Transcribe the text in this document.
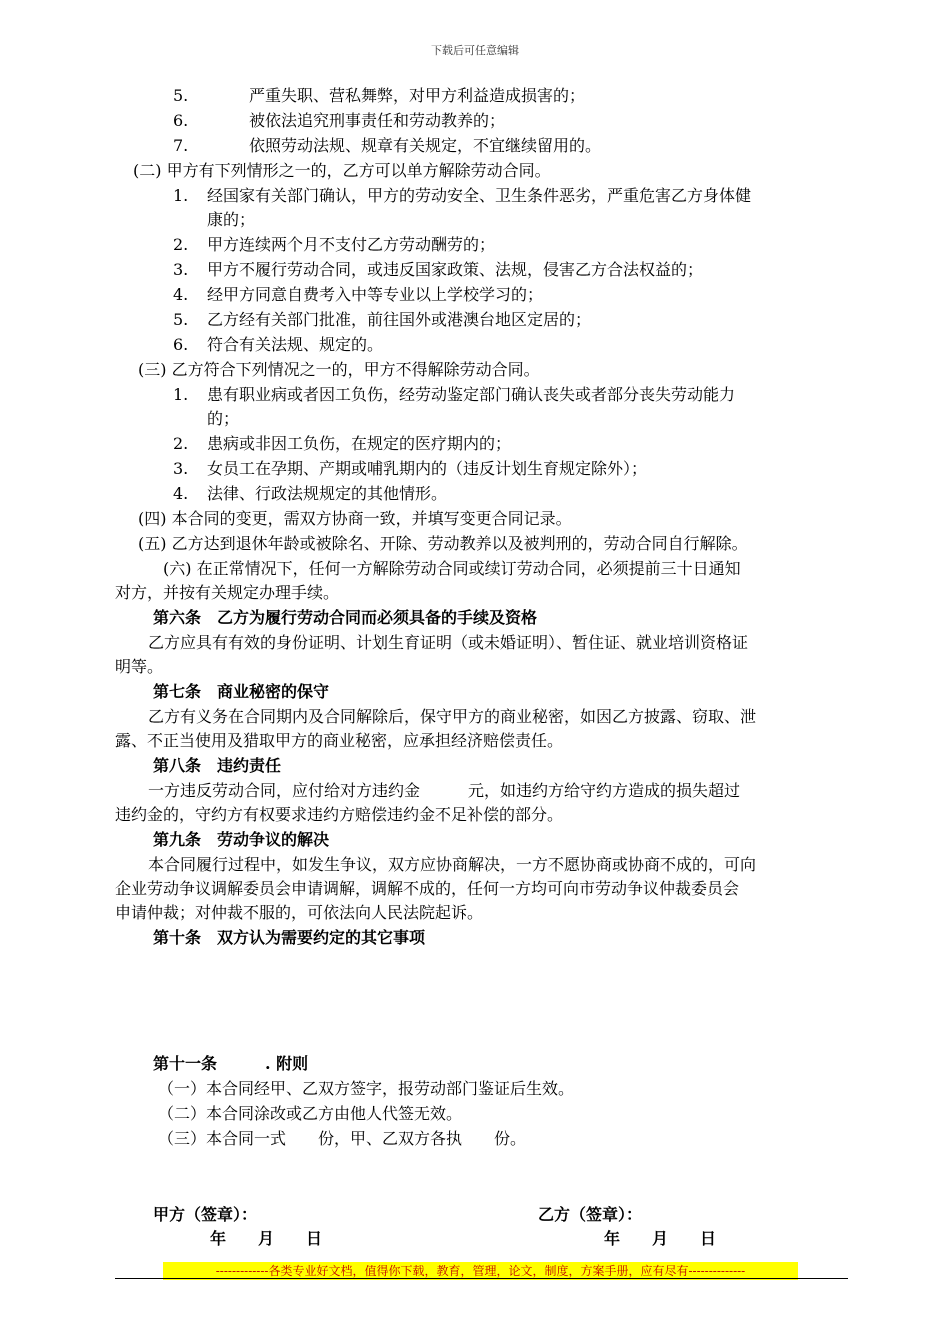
下载后可任意编辑
5.	严重失职、营私舞弊，对甲方利益造成损害的；
6.	被依法追究刑事责任和劳动教养的；
7.	依照劳动法规、规章有关规定，不宜继续留用的。
(二) 甲方有下列情形之一的，乙方可以单方解除劳动合同。
1. 经国家有关部门确认，甲方的劳动安全、卫生条件恶劣，严重危害乙方身体健
康的；
2. 甲方连续两个月不支付乙方劳动酬劳的；
3. 甲方不履行劳动合同，或违反国家政策、法规，侵害乙方合法权益的；
4. 经甲方同意自费考入中等专业以上学校学习的；
5. 乙方经有关部门批准，前往国外或港澳台地区定居的；
6. 符合有关法规、规定的。
(三) 乙方符合下列情况之一的，甲方不得解除劳动合同。
1. 患有职业病或者因工负伤，经劳动鉴定部门确认丧失或者部分丧失劳动能力
的；
2. 患病或非因工负伤，在规定的医疗期内的；
3. 女员工在孕期、产期或哺乳期内的（违反计划生育规定除外）；
4. 法律、行政法规规定的其他情形。
(四) 本合同的变更，需双方协商一致，并填写变更合同记录。
(五) 乙方达到退休年龄或被除名、开除、劳动教养以及被判刑的，劳动合同自行解除。
(六) 在正常情况下，任何一方解除劳动合同或续订劳动合同，必须提前三十日通知
对方，并按有关规定办理手续。
第六条　乙方为履行劳动合同而必须具备的手续及资格
乙方应具有有效的身份证明、计划生育证明（或未婚证明）、暂住证、就业培训资格证
明等。
第七条　商业秘密的保守
乙方有义务在合同期内及合同解除后，保守甲方的商业秘密，如因乙方披露、窃取、泄
露、不正当使用及猎取甲方的商业秘密，应承担经济赔偿责任。
第八条　违约责任
一方违反劳动合同，应付给对方违约金　　　元，如违约方给守约方造成的损失超过
违约金的，守约方有权要求违约方赔偿违约金不足补偿的部分。
第九条　劳动争议的解决
本合同履行过程中，如发生争议，双方应协商解决，一方不愿协商或协商不成的，可向
企业劳动争议调解委员会申请调解，调解不成的，任何一方均可向市劳动争议仲裁委员会
申请仲裁；对仲裁不服的，可依法向人民法院起诉。
第十条　双方认为需要约定的其它事项
第十一条　　　. 附则
（一）本合同经甲、乙双方签字，报劳动部门鉴证后生效。
（二）本合同涂改或乙方由他人代签无效。
（三）本合同一式　　份，甲、乙双方各执　　份。
甲方（签章）：	乙方（签章）：
年　　月　　日	年　　月　　日
-------------各类专业好文档，值得你下载，教育，管理，论文，制度，方案手册，应有尽有--------------
